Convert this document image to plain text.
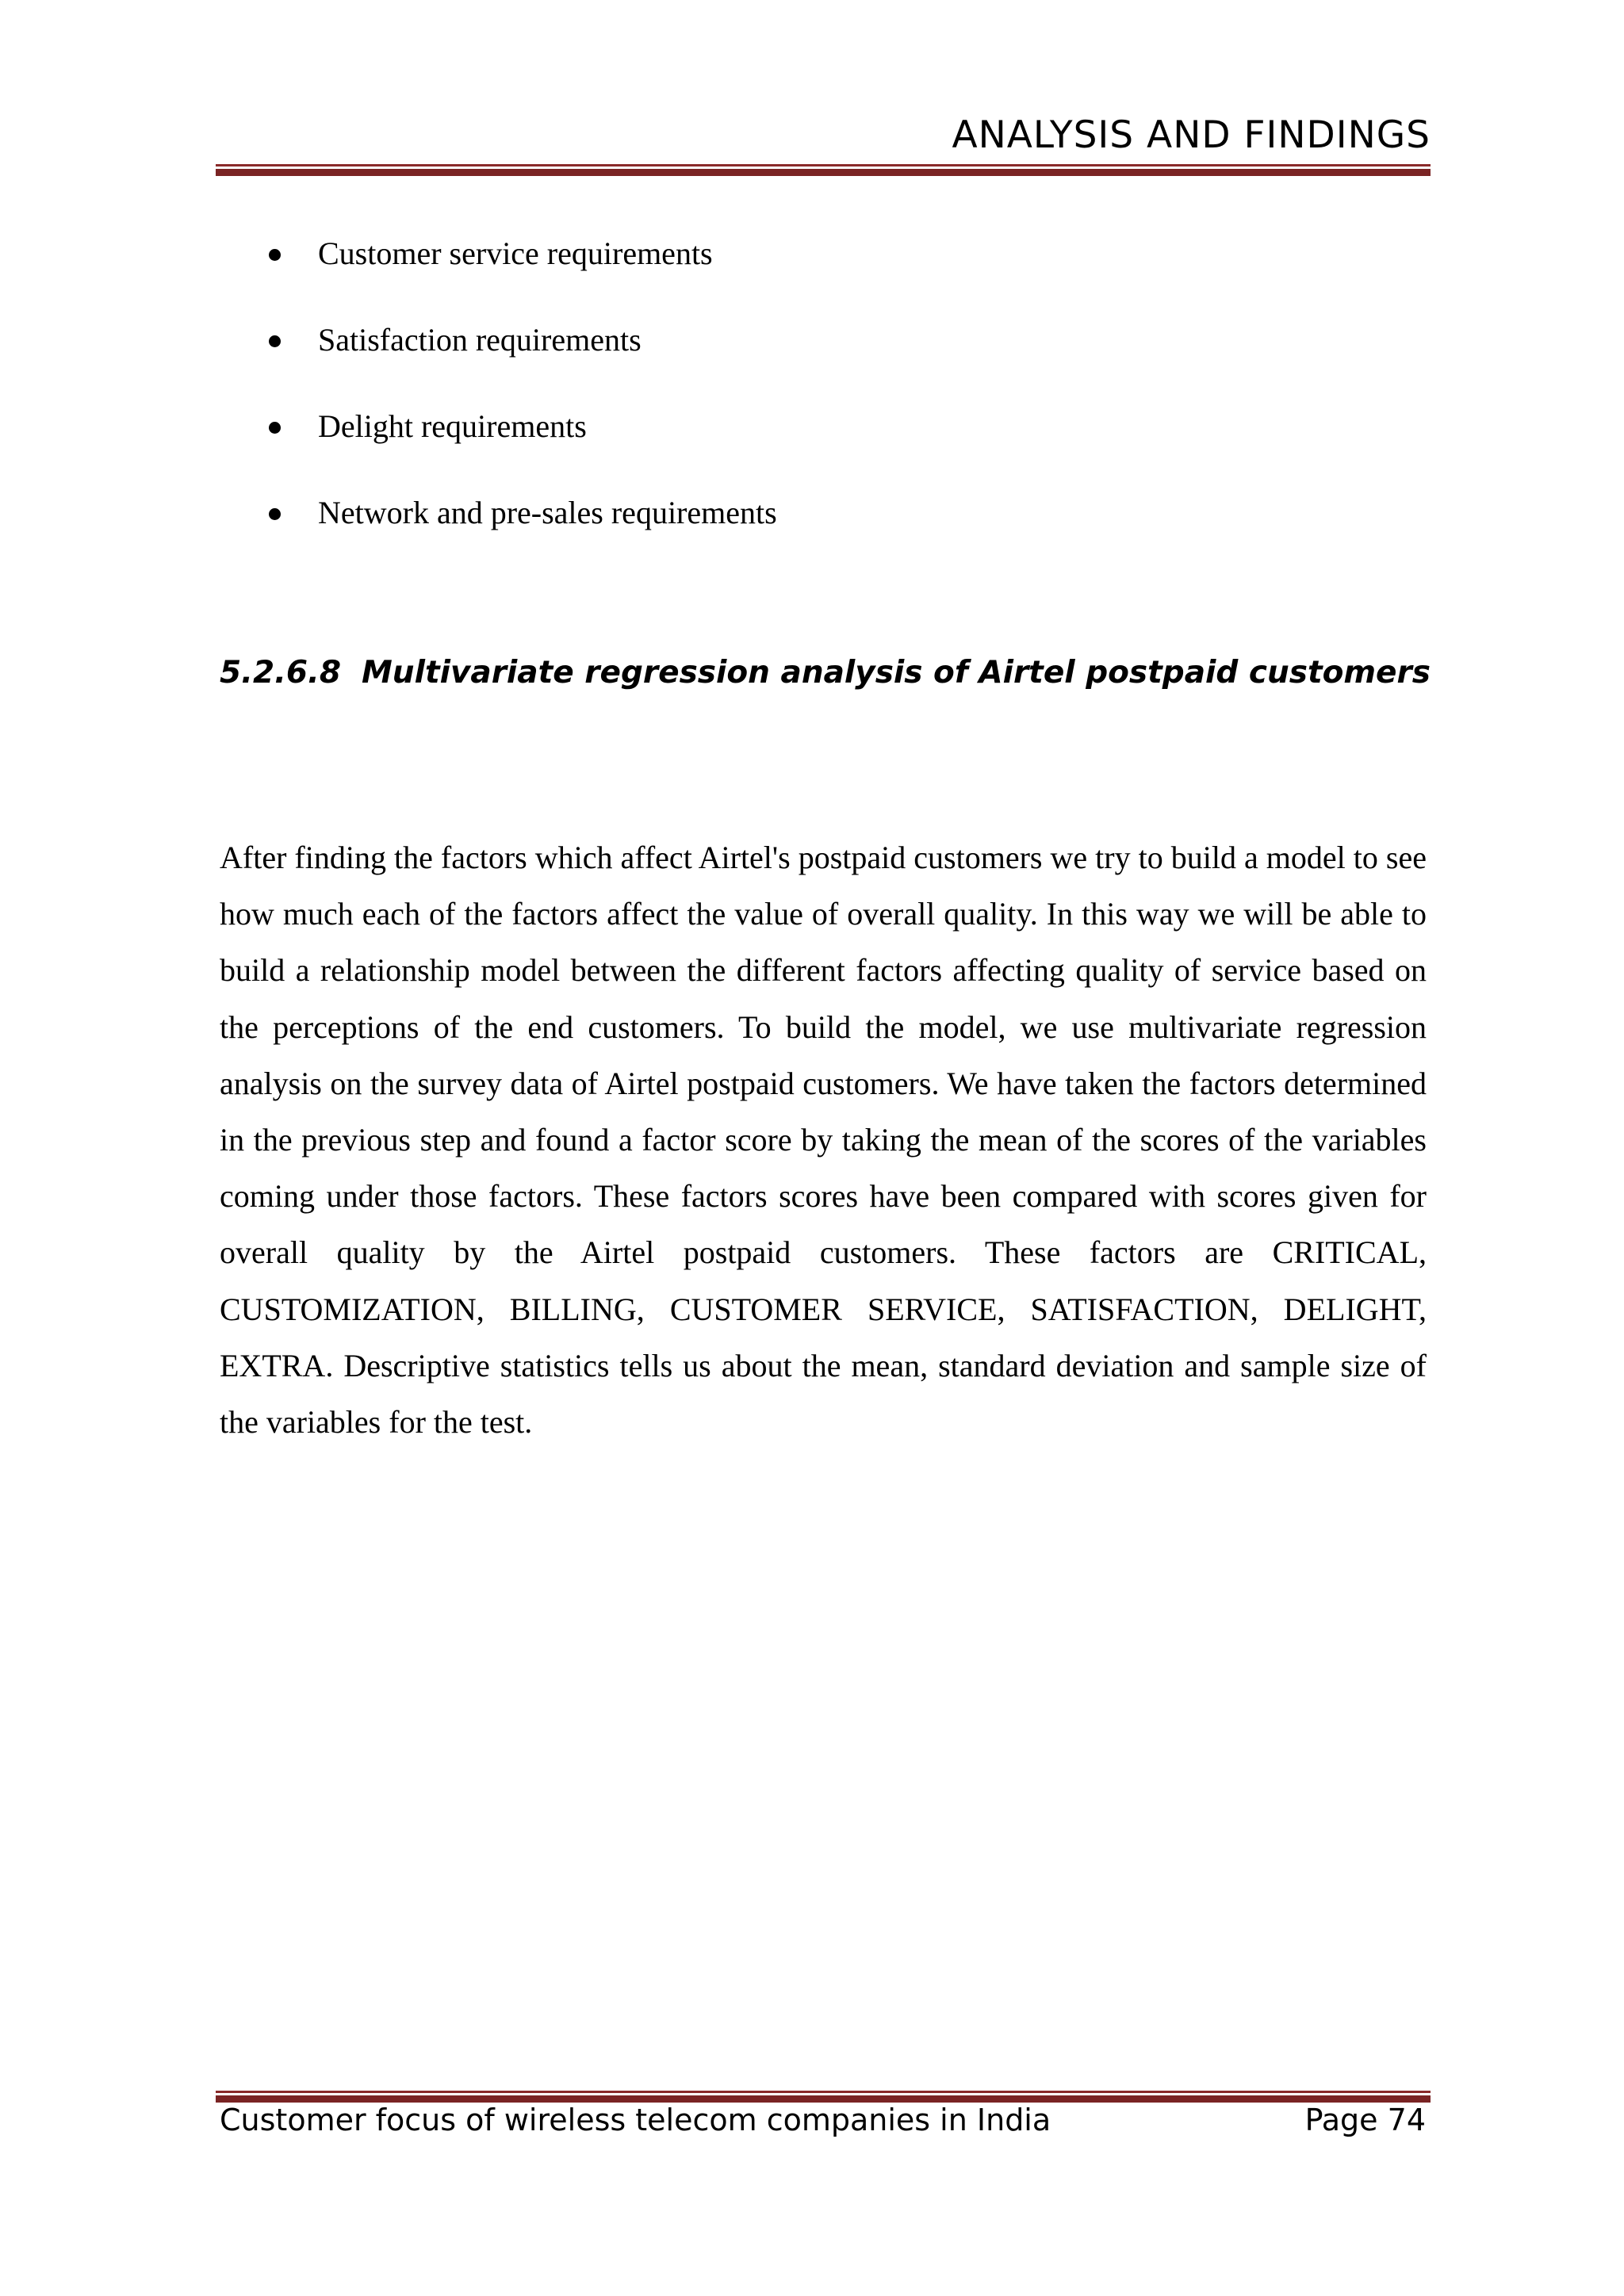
ANALYSIS AND FINDINGS
Customer service requirements
Satisfaction requirements
Delight requirements
Network and pre-sales requirements
5.2.6.8 Multivariate regression analysis of Airtel postpaid customers

After finding the factors which affect Airtel's postpaid customers we try to build a model to see how much each of the factors affect the value of overall quality. In this way we will be able to build a relationship model between the different factors affecting quality of service based on the perceptions of the end customers. To build the model, we use multivariate regression analysis on the survey data of Airtel postpaid customers. We have taken the factors determined in the previous step and found a factor score by taking the mean of the scores of the variables coming under those factors. These factors scores have been compared with scores given for overall quality by the Airtel postpaid customers. These factors are CRITICAL, CUSTOMIZATION, BILLING, CUSTOMER SERVICE, SATISFACTION, DELIGHT, EXTRA. Descriptive statistics tells us about the mean, standard deviation and sample size of the variables for the test.

Customer focus of wireless telecom companies in India	Page 74
